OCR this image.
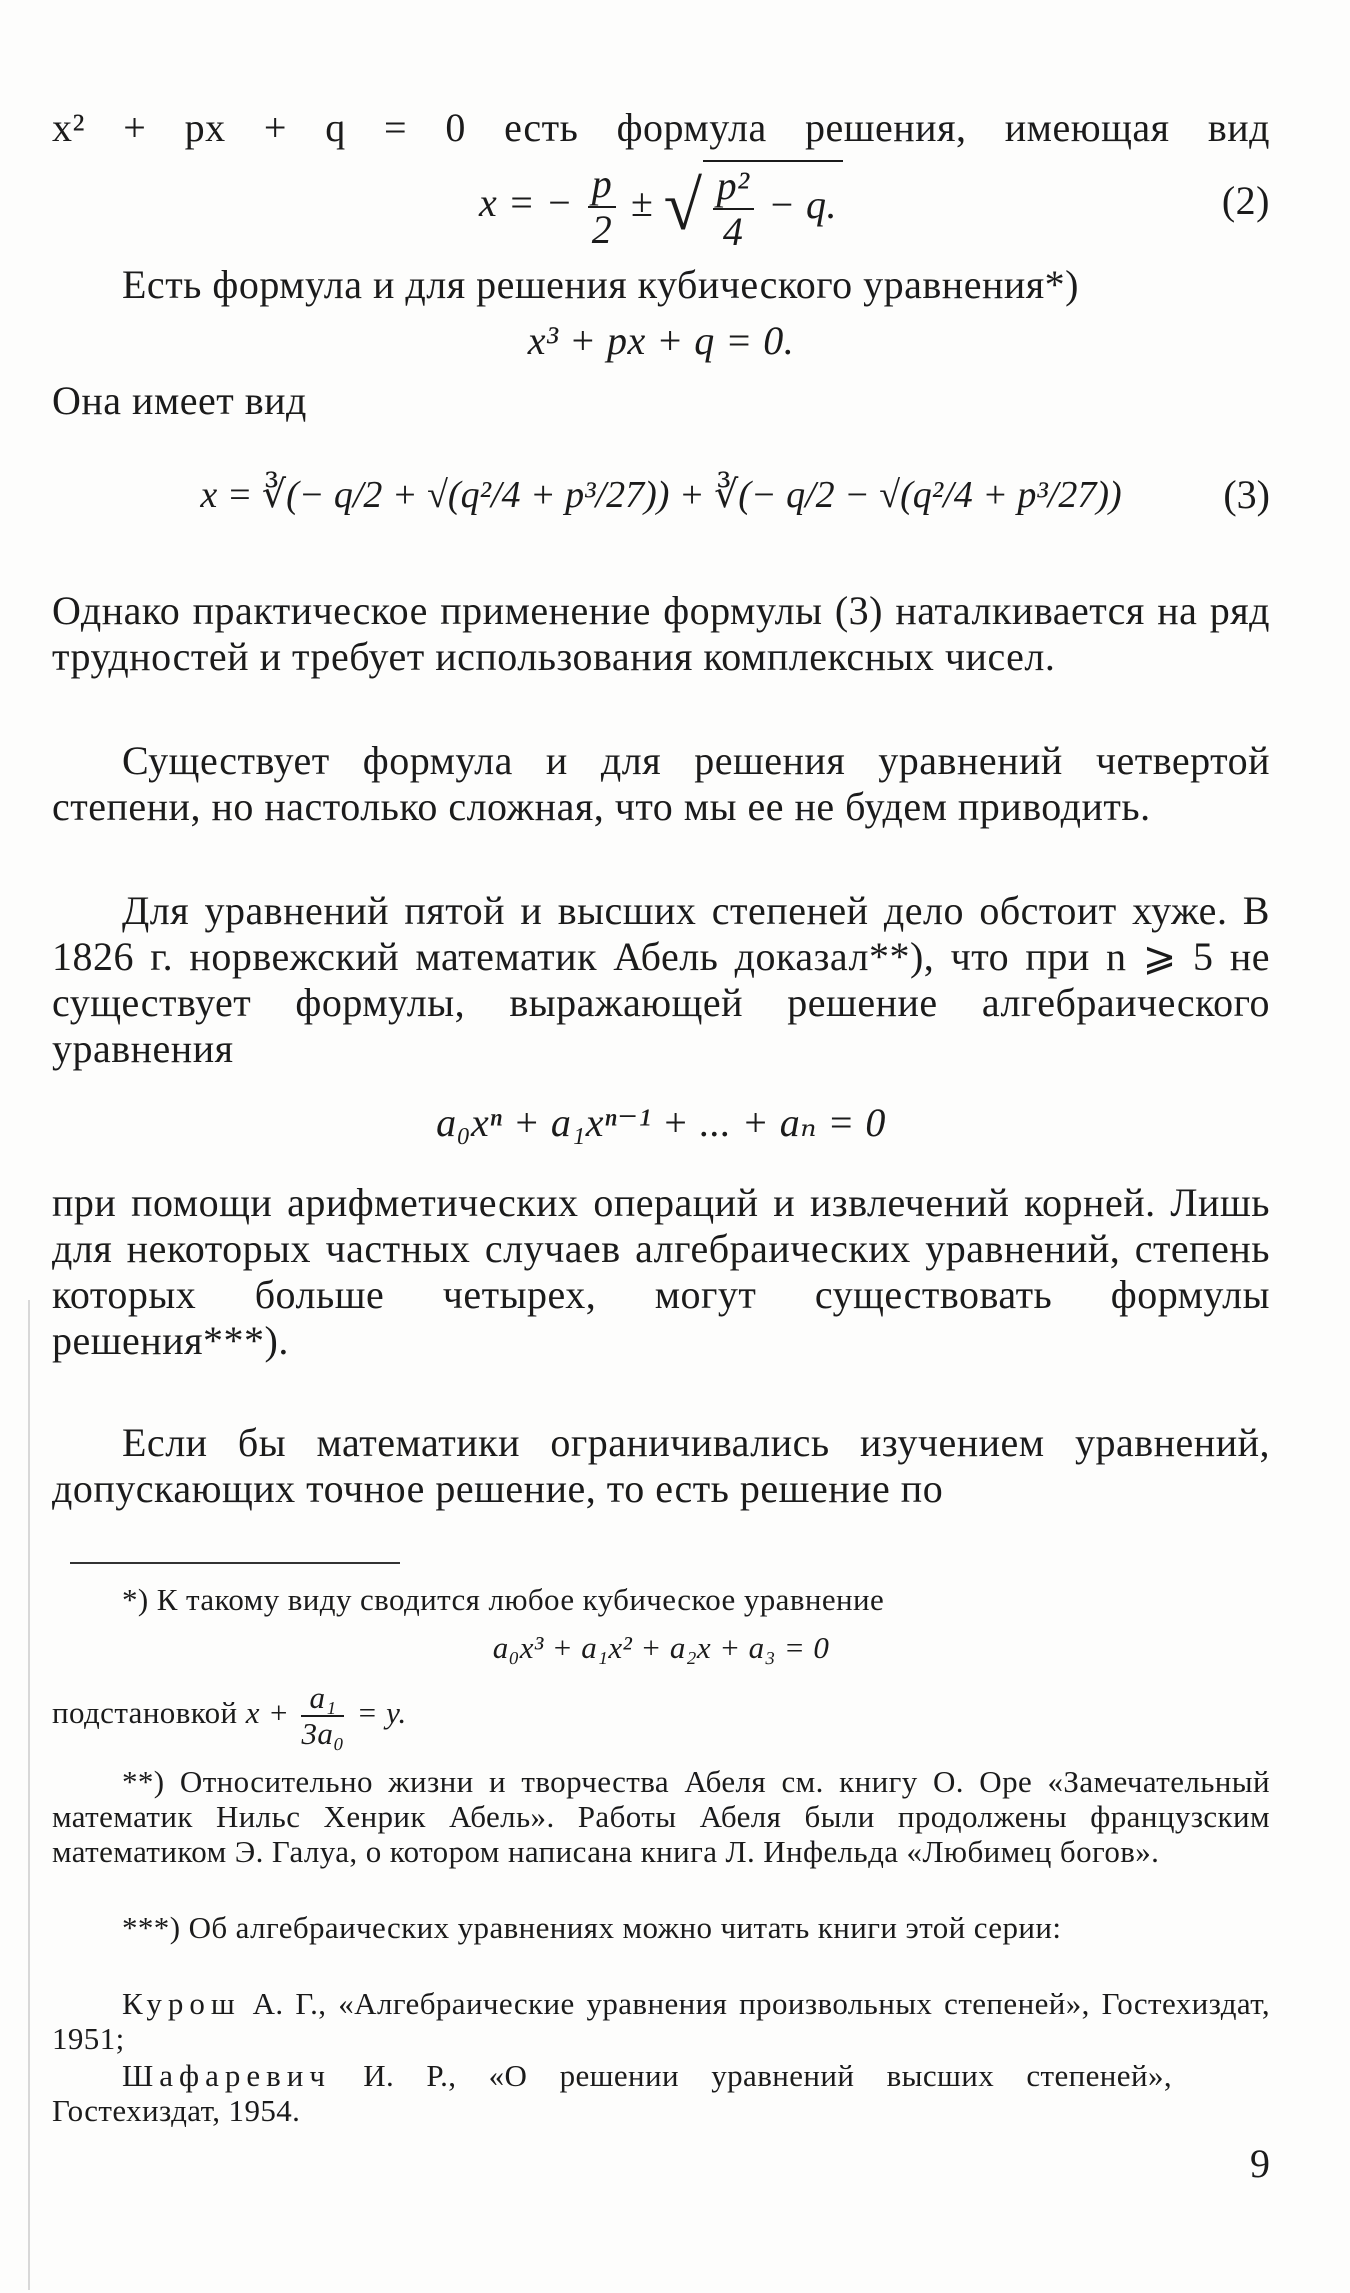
x² + px + q = 0 есть формула решения, имеющая вид
x = − $\frac{p}{2}$ ± √ $\frac{\text{p²}}{4} - q$.	(2)
Есть формула и для решения кубического уравнения*)
x³ + px + q = 0.
Она имеет вид
x = ∛(− q/2 + √(q²/4 + p³/27)) + ∛(− q/2 − √(q²/4 + p³/27))	(3)
Однако практическое применение формулы (3) наталкивается на ряд трудностей и требует использования комплексных чисел.
Существует формула и для решения уравнений четвертой степени, но настолько сложная, что мы ее не будем приводить.
Для уравнений пятой и высших степеней дело обстоит хуже. В 1826 г. норвежский математик Абель доказал**), что при n ⩾ 5 не существует формулы, выражающей решение алгебраического уравнения
a₀xⁿ + a₁xⁿ⁻¹ + ... + aₙ = 0
при помощи арифметических операций и извлечений корней. Лишь для некоторых частных случаев алгебраических уравнений, степень которых больше четырех, могут существовать формулы решения***).
Если бы математики ограничивались изучением уравнений, допускающих точное решение, то есть решение по
*) К такому виду сводится любое кубическое уравнение
a₀x³ + a₁x² + a₂x + a₃ = 0
подстановкой $x + \frac{\text{a₁}}{\text{3a₀}} = y$.
**) Относительно жизни и творчества Абеля см. книгу О. Оре «Замечательный математик Нильс Хенрик Абель». Работы Абеля были продолжены французским математиком Э. Галуа, о котором написана книга Л. Инфельда «Любимец богов».
***) Об алгебраических уравнениях можно читать книги этой серии:
Курош А. Г., «Алгебраические уравнения произвольных степеней», Гостехиздат, 1951;
Шафаревич И. Р., «О решении уравнений высших степеней», Гостехиздат, 1954.
9
